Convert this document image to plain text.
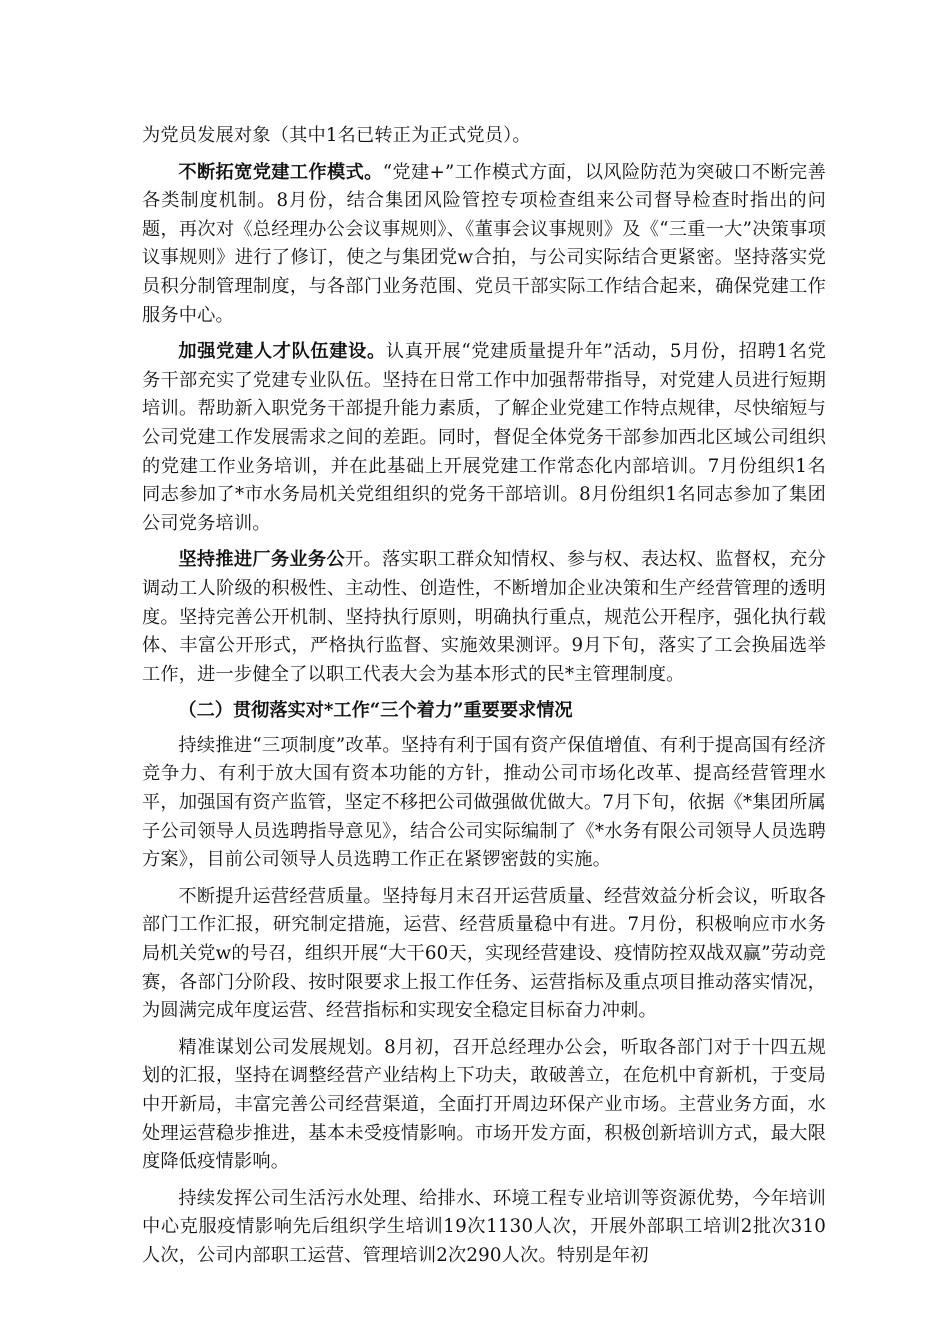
为党员发展对象（其中1名已转正为正式党员）。

不断拓宽党建工作模式。“党建+”工作模式方面，以风险防范为突破口不断完善各类制度机制。8月份，结合集团风险管控专项检查组来公司督导检查时指出的问题，再次对《总经理办公会议事规则》、《董事会议事规则》及《“三重一大”决策事项议事规则》进行了修订，使之与集团党w合拍，与公司实际结合更紧密。坚持落实党员积分制管理制度，与各部门业务范围、党员干部实际工作结合起来，确保党建工作服务中心。

加强党建人才队伍建设。认真开展“党建质量提升年”活动，5月份，招聘1名党务干部充实了党建专业队伍。坚持在日常工作中加强帮带指导，对党建人员进行短期培训。帮助新入职党务干部提升能力素质，了解企业党建工作特点规律，尽快缩短与公司党建工作发展需求之间的差距。同时，督促全体党务干部参加西北区域公司组织的党建工作业务培训，并在此基础上开展党建工作常态化内部培训。7月份组织1名同志参加了*市水务局机关党组组织的党务干部培训。8月份组织1名同志参加了集团公司党务培训。

坚持推进厂务业务公开。落实职工群众知情权、参与权、表达权、监督权，充分调动工人阶级的积极性、主动性、创造性，不断增加企业决策和生产经营管理的透明度。坚持完善公开机制、坚持执行原则，明确执行重点，规范公开程序，强化执行载体、丰富公开形式，严格执行监督、实施效果测评。9月下旬，落实了工会换届选举工作，进一步健全了以职工代表大会为基本形式的民*主管理制度。

（二）贯彻落实对*工作“三个着力”重要要求情况

持续推进“三项制度”改革。坚持有利于国有资产保值增值、有利于提高国有经济竞争力、有利于放大国有资本功能的方针，推动公司市场化改革、提高经营管理水平，加强国有资产监管，坚定不移把公司做强做优做大。7月下旬，依据《*集团所属子公司领导人员选聘指导意见》，结合公司实际编制了《*水务有限公司领导人员选聘方案》，目前公司领导人员选聘工作正在紧锣密鼓的实施。

不断提升运营经营质量。坚持每月末召开运营质量、经营效益分析会议，听取各部门工作汇报，研究制定措施，运营、经营质量稳中有进。7月份，积极响应市水务局机关党w的号召，组织开展“大干60天，实现经营建设、疫情防控双战双赢”劳动竞赛，各部门分阶段、按时限要求上报工作任务、运营指标及重点项目推动落实情况，为圆满完成年度运营、经营指标和实现安全稳定目标奋力冲刺。

精准谋划公司发展规划。8月初，召开总经理办公会，听取各部门对于十四五规划的汇报，坚持在调整经营产业结构上下功夫，敢破善立，在危机中育新机，于变局中开新局，丰富完善公司经营渠道，全面打开周边环保产业市场。主营业务方面，水处理运营稳步推进，基本未受疫情影响。市场开发方面，积极创新培训方式，最大限度降低疫情影响。

持续发挥公司生活污水处理、给排水、环境工程专业培训等资源优势，今年培训中心克服疫情影响先后组织学生培训19次1130人次，开展外部职工培训2批次310人次，公司内部职工运营、管理培训2次290人次。特别是年初
